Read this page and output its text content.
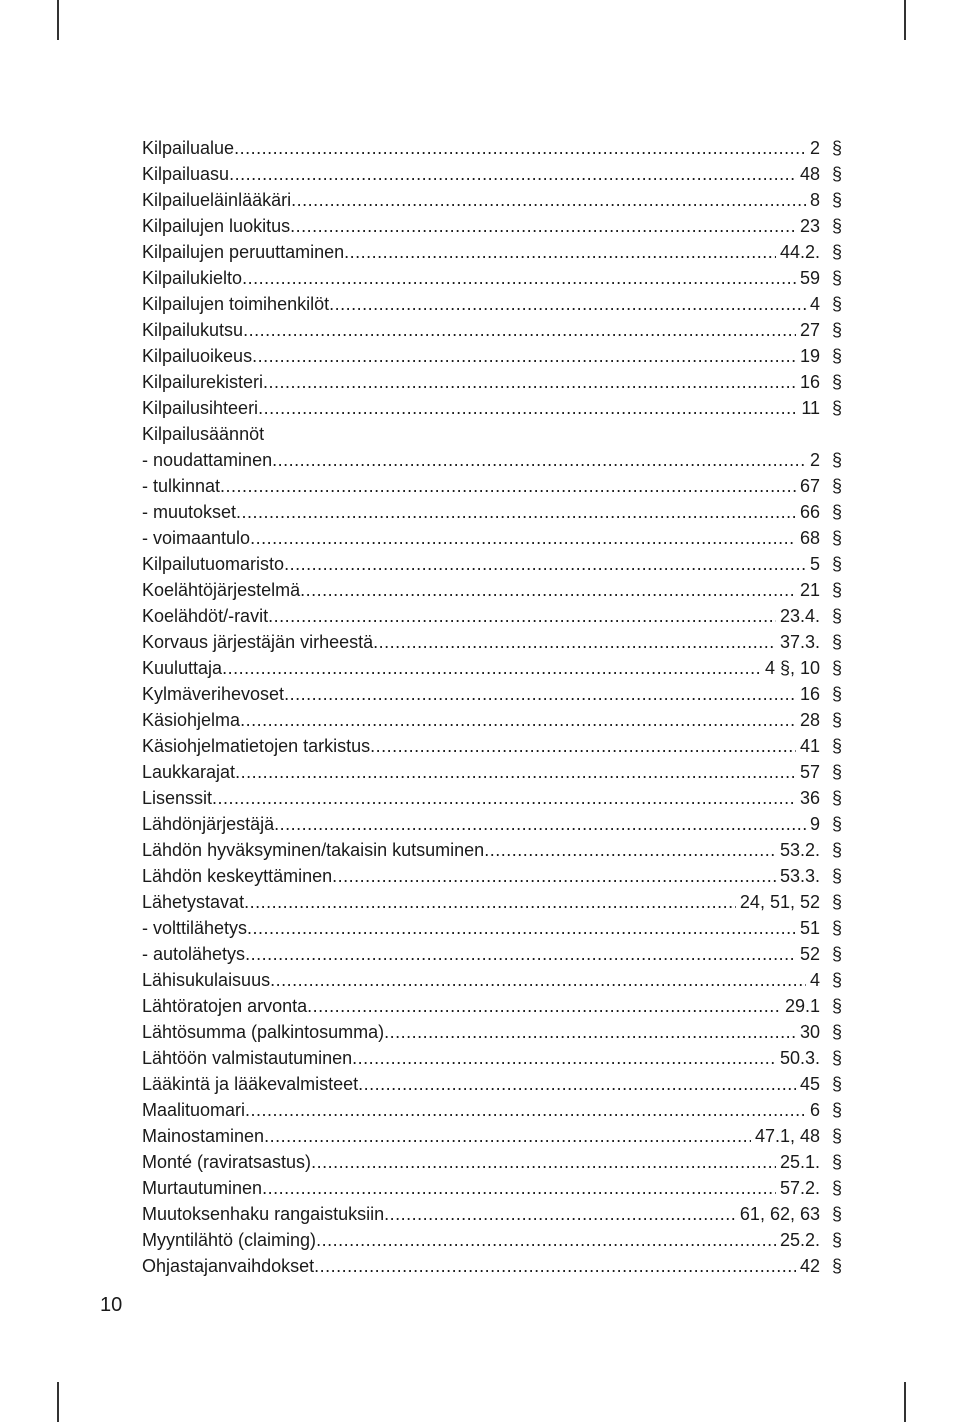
Kilpailualue .....	2 §
Kilpailuasu .....	48 §
Kilpailueläinlääkäri .....	8 §
Kilpailujen luokitus .....	23 §
Kilpailujen peruuttaminen .....	44.2. §
Kilpailukielto .....	59 §
Kilpailujen toimihenkilöt .....	4 §
Kilpailukutsu .....	27 §
Kilpailuoikeus .....	19 §
Kilpailurekisteri .....	16 §
Kilpailusihteeri .....	11 §
Kilpailusäännöt
- noudattaminen .....	2 §
- tulkinnat .....	67 §
- muutokset .....	66 §
- voimaantulo .....	68 §
Kilpailutuomaristo .....	5 §
Koelähtöjärjestelmä .....	21 §
Koelähdöt/-ravit .....	23.4. §
Korvaus järjestäjän virheestä .....	37.3. §
Kuuluttaja .....	4 §, 10 §
Kylmäverihevoset .....	16 §
Käsiohjelma .....	28 §
Käsiohjelmatietojen tarkistus .....	41 §
Laukkarajat .....	57 §
Lisenssit .....	36 §
Lähdönjärjestäjä .....	9 §
Lähdön hyväksyminen/takaisin kutsuminen .....	53.2. §
Lähdön keskeyttäminen .....	53.3. §
Lähetystavat .....	24, 51, 52 §
- volttilähetys .....	51 §
- autolähetys .....	52 §
Lähisukulaisuus .....	4 §
Lähtöratojen arvonta .....	29.1 §
Lähtösumma (palkintosumma) .....	30 §
Lähtöön valmistautuminen .....	50.3. §
Lääkintä ja lääkevalmisteet .....	45 §
Maalituomari .....	6 §
Mainostaminen .....	47.1, 48 §
Monté (raviratsastus) .....	25.1. §
Murtautuminen .....	57.2. §
Muutoksenhaku rangaistuksiin .....	61, 62, 63 §
Myyntilähtö (claiming) .....	25.2. §
Ohjastajanvaihdokset .....	42 §
10
